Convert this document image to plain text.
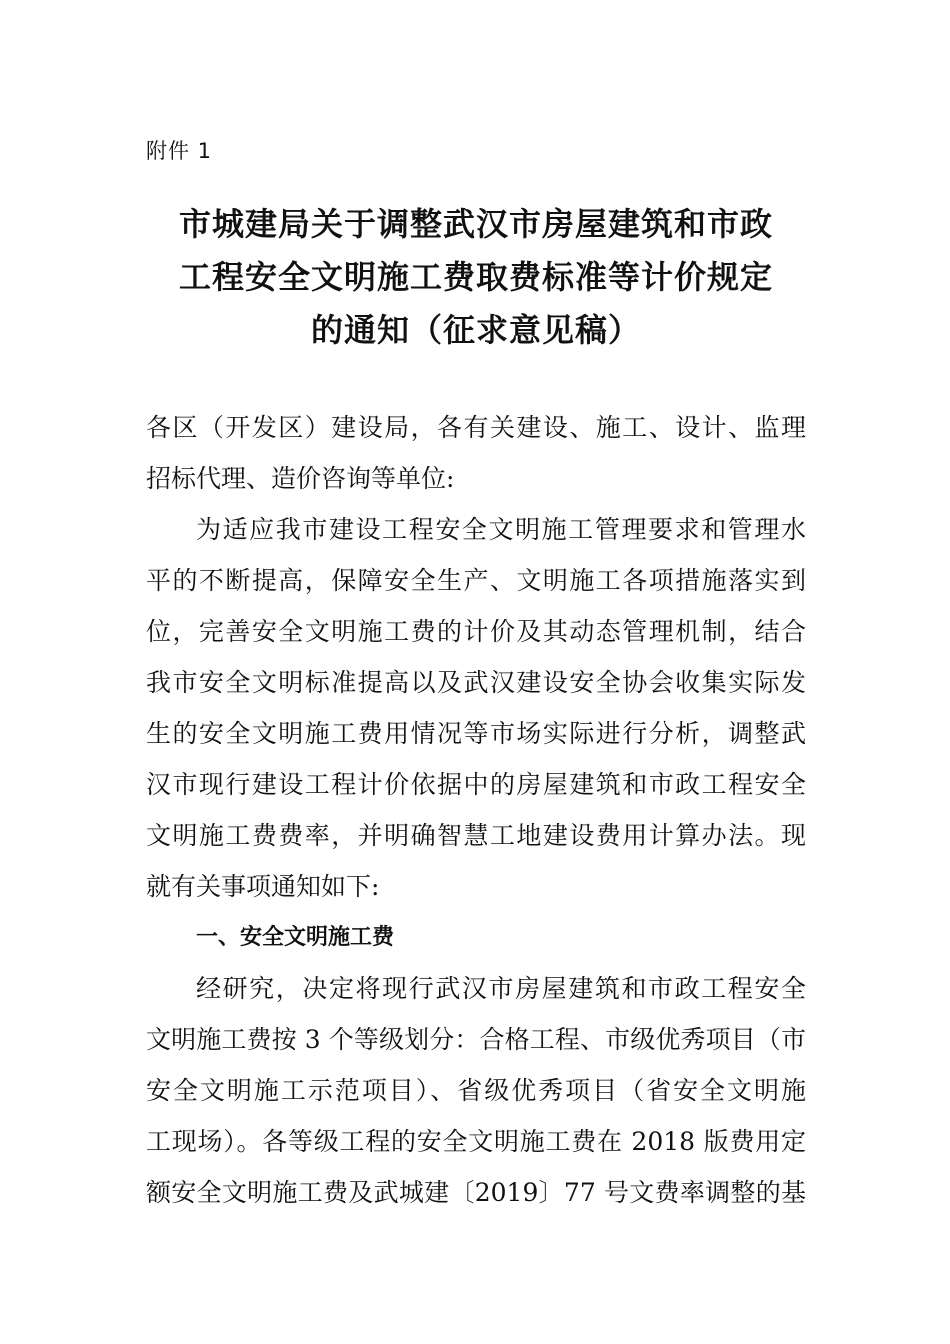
附件 1
市城建局关于调整武汉市房屋建筑和市政
工程安全文明施工费取费标准等计价规定
的通知（征求意见稿）
各区（开发区）建设局，各有关建设、施工、设计、监理
招标代理、造价咨询等单位:
为适应我市建设工程安全文明施工管理要求和管理水
平的不断提高，保障安全生产、文明施工各项措施落实到
位，完善安全文明施工费的计价及其动态管理机制，结合
我市安全文明标准提高以及武汉建设安全协会收集实际发
生的安全文明施工费用情况等市场实际进行分析，调整武
汉市现行建设工程计价依据中的房屋建筑和市政工程安全
文明施工费费率，并明确智慧工地建设费用计算办法。现
就有关事项通知如下:
一、安全文明施工费
经研究，决定将现行武汉市房屋建筑和市政工程安全
文明施工费按 3 个等级划分：合格工程、市级优秀项目（市
安全文明施工示范项目）、省级优秀项目（省安全文明施
工现场）。各等级工程的安全文明施工费在 2018 版费用定
额安全文明施工费及武城建〔2019〕77 号文费率调整的基
